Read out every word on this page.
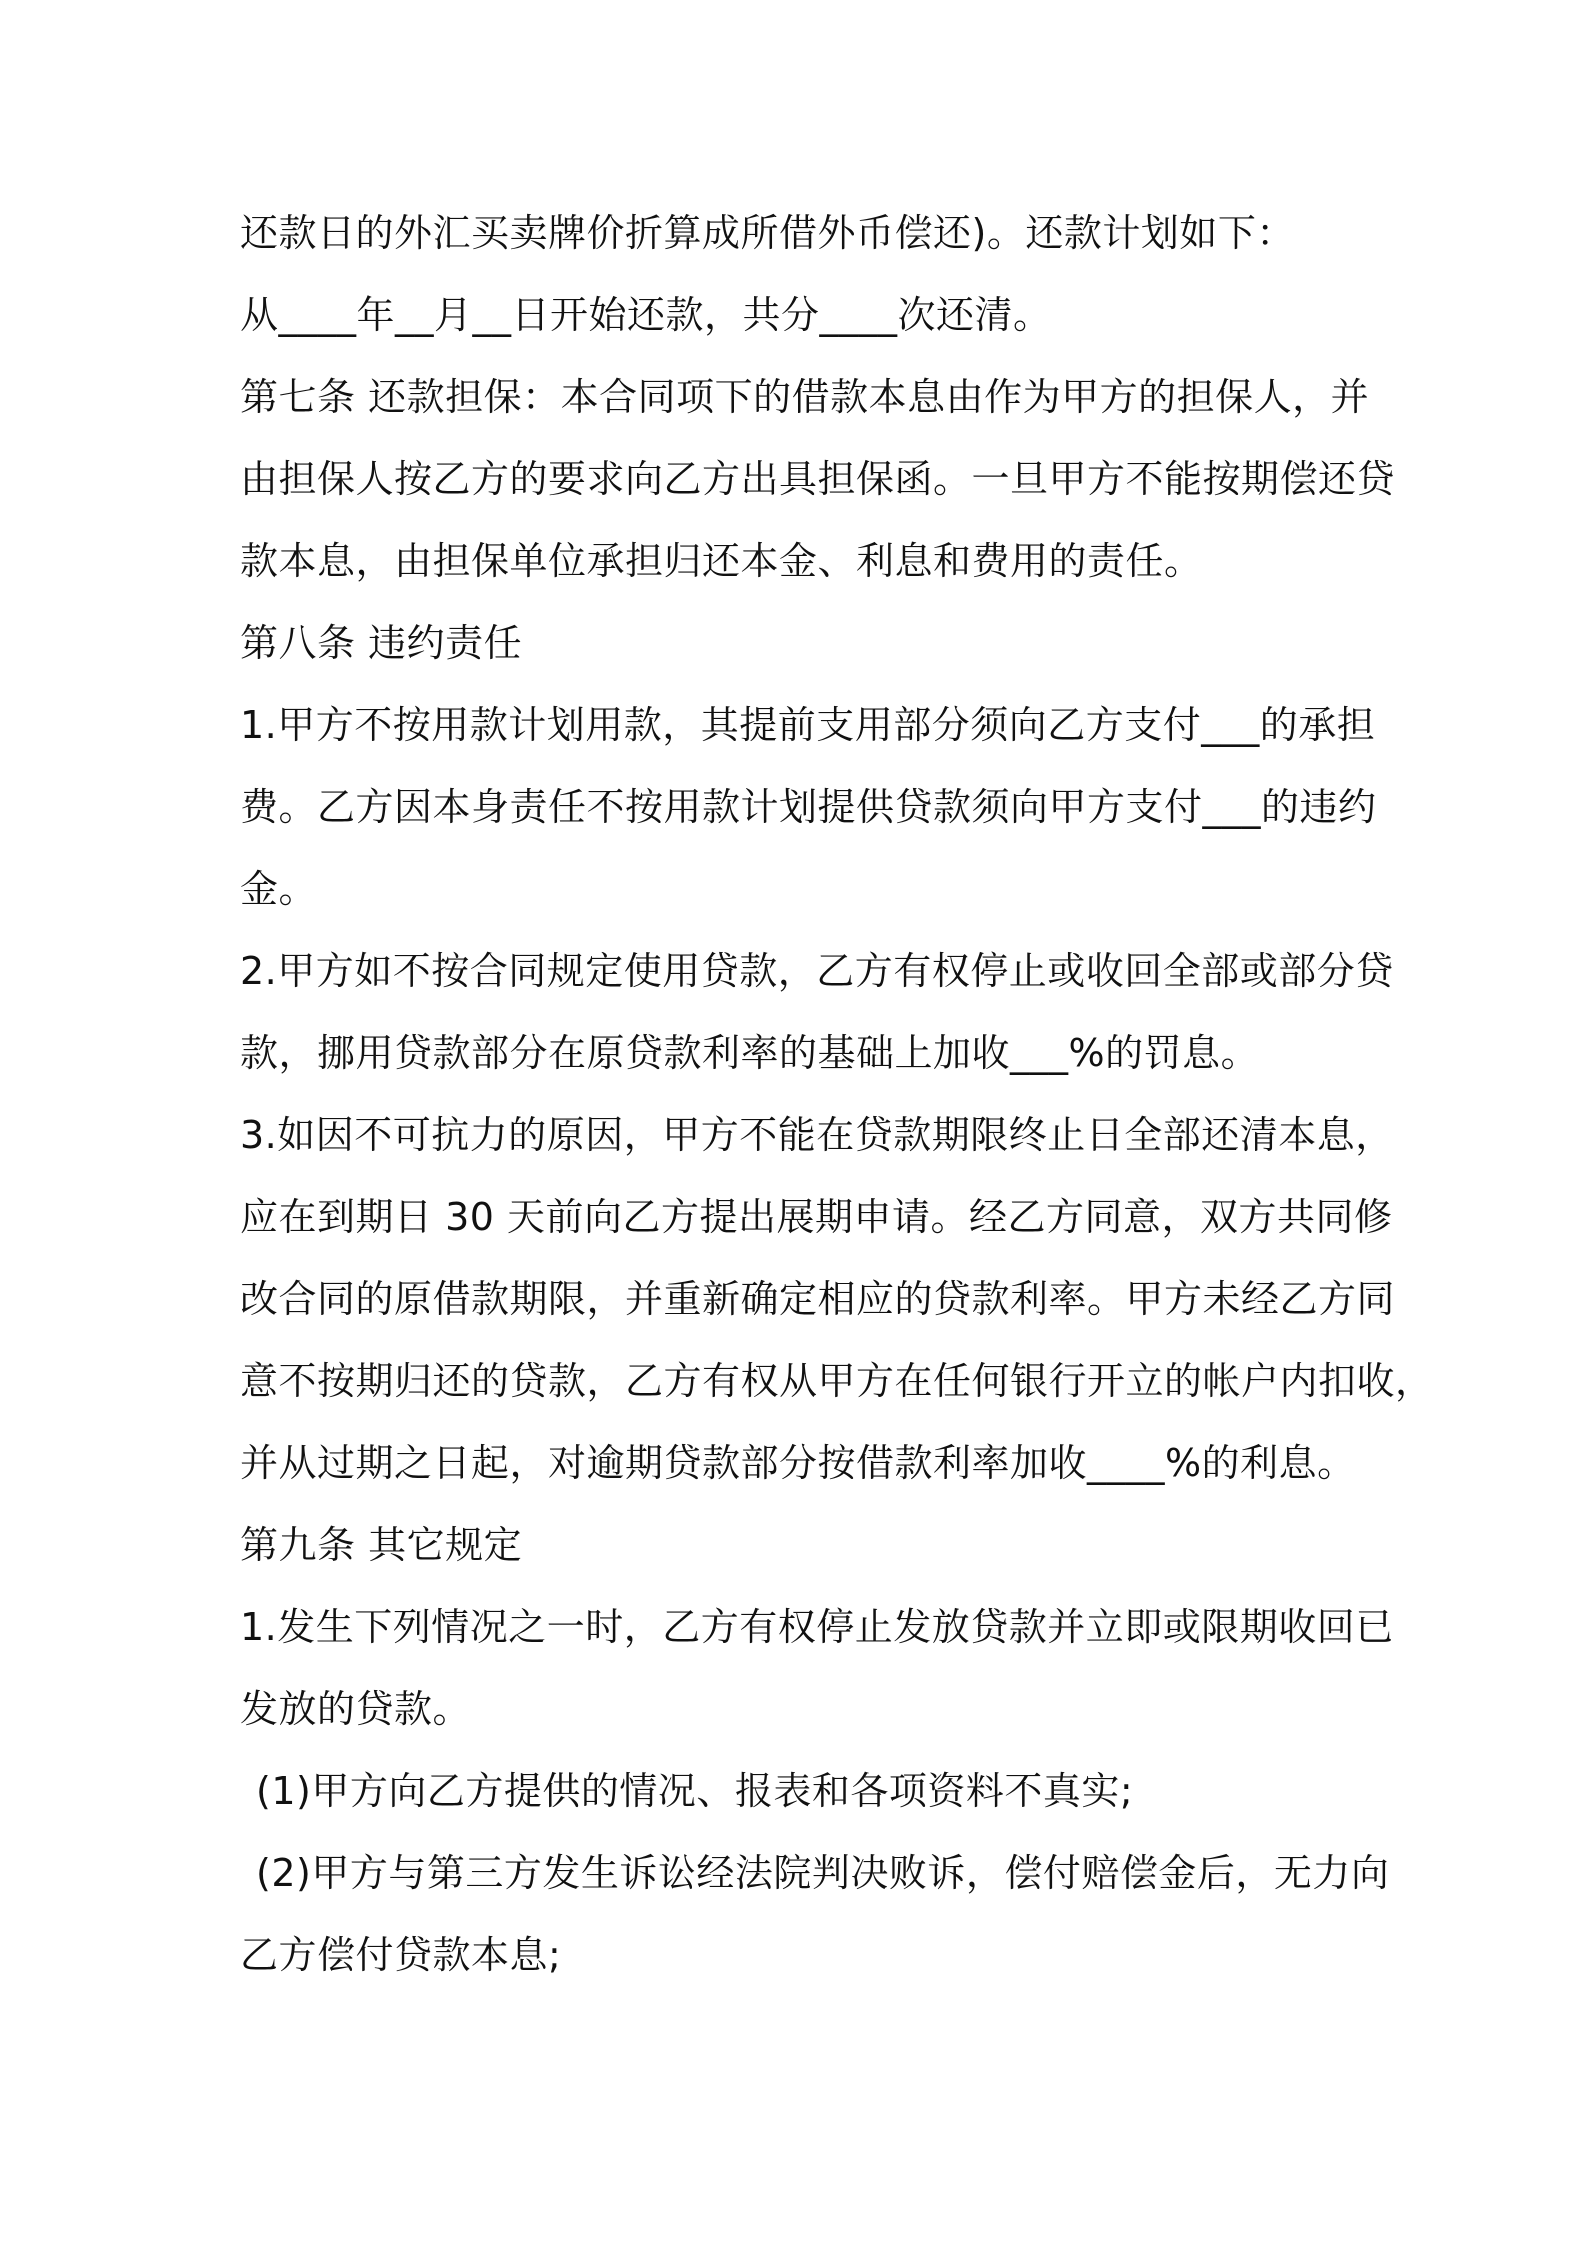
还款日的外汇买卖牌价折算成所借外币偿还)。还款计划如下：
从____年__月__日开始还款，共分____次还清。
第七条 还款担保：本合同项下的借款本息由作为甲方的担保人，并
由担保人按乙方的要求向乙方出具担保函。一旦甲方不能按期偿还贷
款本息，由担保单位承担归还本金、利息和费用的责任。
第八条 违约责任
1.甲方不按用款计划用款，其提前支用部分须向乙方支付___的承担
费。乙方因本身责任不按用款计划提供贷款须向甲方支付___的违约
金。
2.甲方如不按合同规定使用贷款，乙方有权停止或收回全部或部分贷
款，挪用贷款部分在原贷款利率的基础上加收___%的罚息。
3.如因不可抗力的原因，甲方不能在贷款期限终止日全部还清本息，
应在到期日 30 天前向乙方提出展期申请。经乙方同意，双方共同修
改合同的原借款期限，并重新确定相应的贷款利率。甲方未经乙方同
意不按期归还的贷款，乙方有权从甲方在任何银行开立的帐户内扣收，
并从过期之日起，对逾期贷款部分按借款利率加收____%的利息。
第九条 其它规定
1.发生下列情况之一时，乙方有权停止发放贷款并立即或限期收回已
发放的贷款。
(1)甲方向乙方提供的情况、报表和各项资料不真实;
(2)甲方与第三方发生诉讼经法院判决败诉，偿付赔偿金后，无力向
乙方偿付贷款本息;
